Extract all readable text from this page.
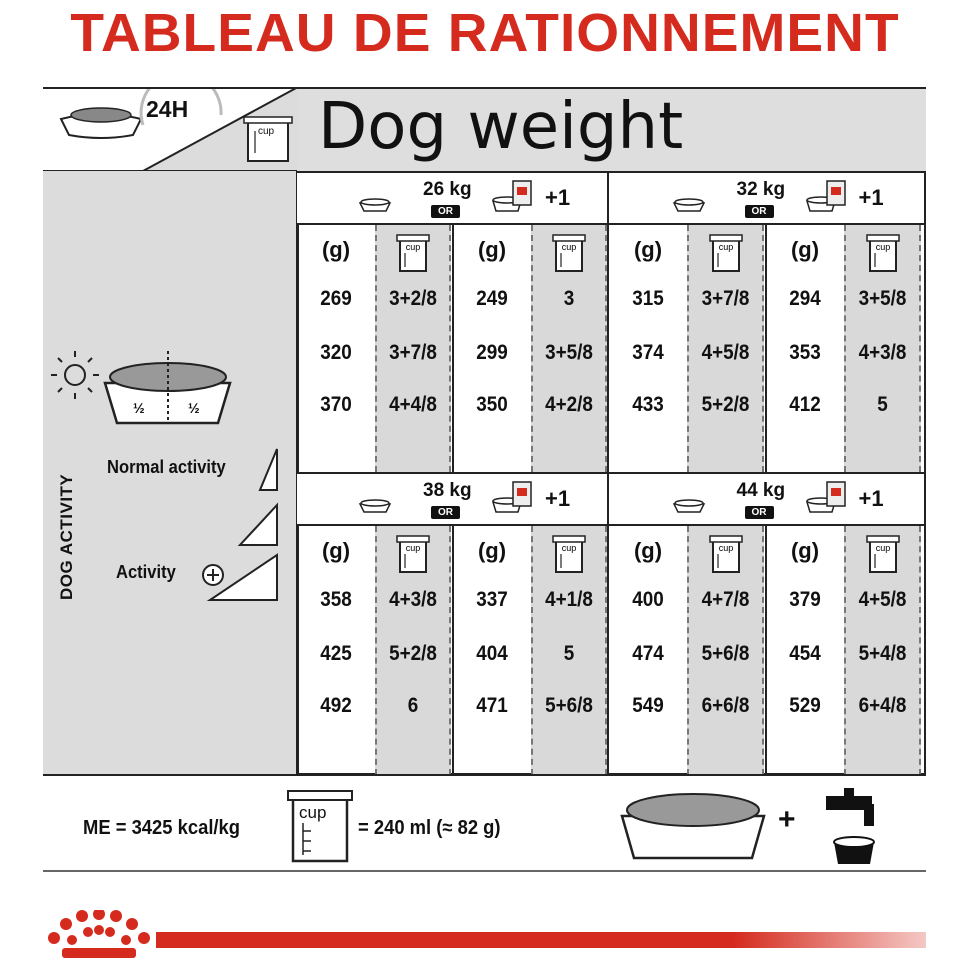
TABLEAU DE RATIONNEMENT
24H
cup Dog weight
½	½
Normal activity
Activity
DOG ACTIVITY
26 kg
OR
+1
(g)
269
320
370
cup
3+2/8
3+7/8
4+4/8
(g)
249
299
350
cup
3
3+5/8
4+2/8
32 kg
OR
+1
(g)
315
374
433
cup
3+7/8
4+5/8
5+2/8
(g)
294
353
412
cup
3+5/8
4+3/8
5
38 kg
OR
+1
(g)
358
425
492
cup
4+3/8
5+2/8
6
(g)
337
404
471
cup
4+1/8
5
5+6/8
44 kg
OR
+1
(g)
400
474
549
cup
4+7/8
5+6/8
6+6/8
(g)
379
454
529
cup
4+5/8
5+4/8
6+4/8
ME = 3425 kcal/kg
cup
= 240 ml (≈ 82 g)	+
